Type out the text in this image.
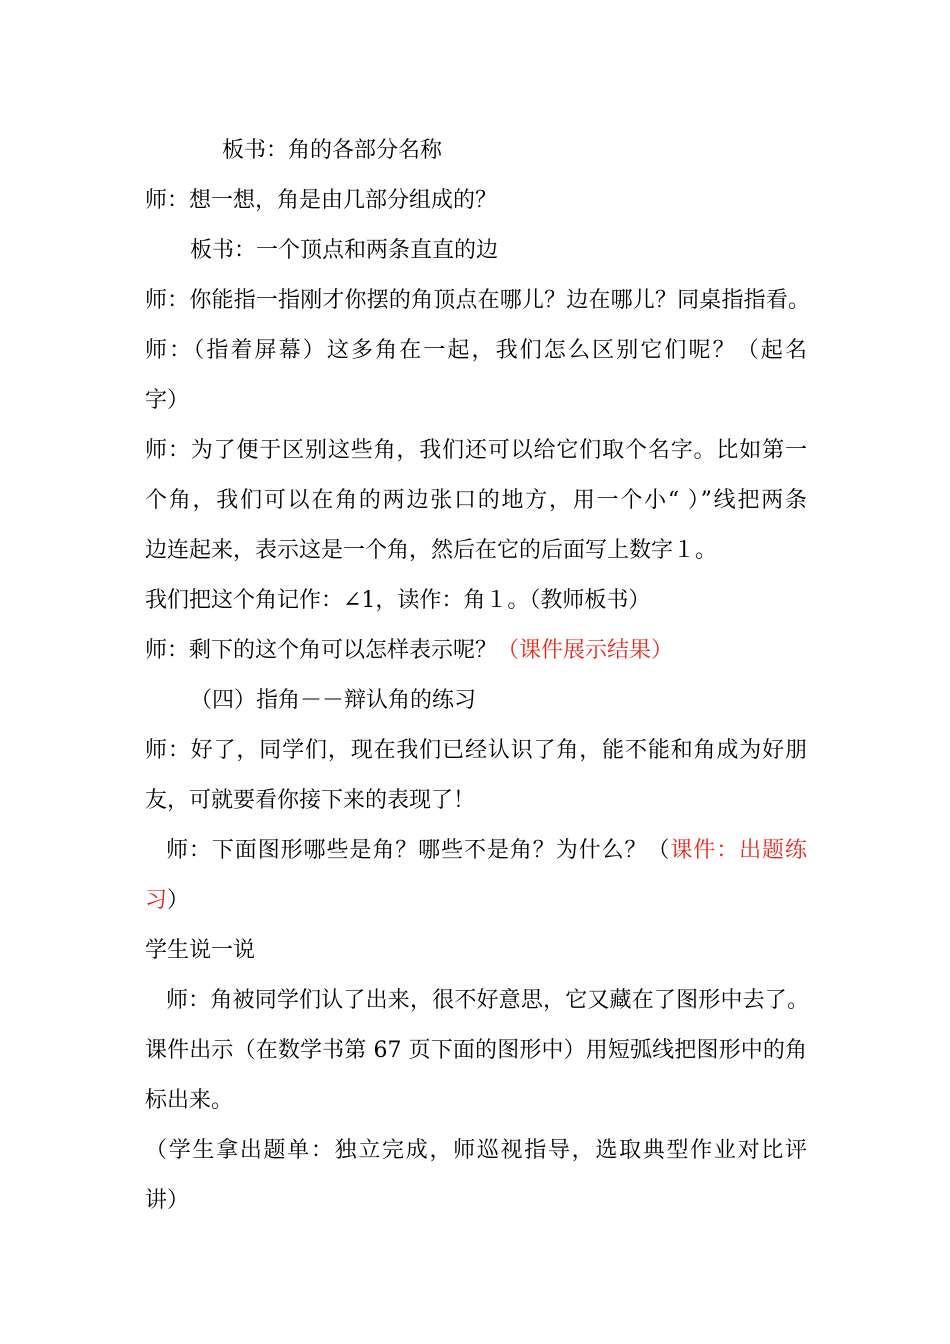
板书：角的各部分名称
师：想一想，角是由几部分组成的？
板书：一个顶点和两条直直的边
师：你能指一指刚才你摆的角顶点在哪儿？边在哪儿？同桌指指看。
师：（指着屏幕）这多角在一起，我们怎么区别它们呢？（起名
字）
师：为了便于区别这些角，我们还可以给它们取个名字。比如第一
个角，我们可以在角的两边张口的地方，用一个小“ ）”线把两条
边连起来，表示这是一个角，然后在它的后面写上数字１。
我们把这个角记作：∠1，读作：角１。（教师板书）
师：剩下的这个角可以怎样表示呢？（课件展示结果）
（四）指角－－辩认角的练习
师：好了，同学们，现在我们已经认识了角，能不能和角成为好朋
友，可就要看你接下来的表现了！
师：下面图形哪些是角？哪些不是角？为什么？（课件：出题练
习）
学生说一说
师：角被同学们认了出来，很不好意思，它又藏在了图形中去了。
课件出示（在数学书第 67 页下面的图形中）用短弧线把图形中的角
标出来。
（学生拿出题单：独立完成，师巡视指导，选取典型作业对比评
讲）
